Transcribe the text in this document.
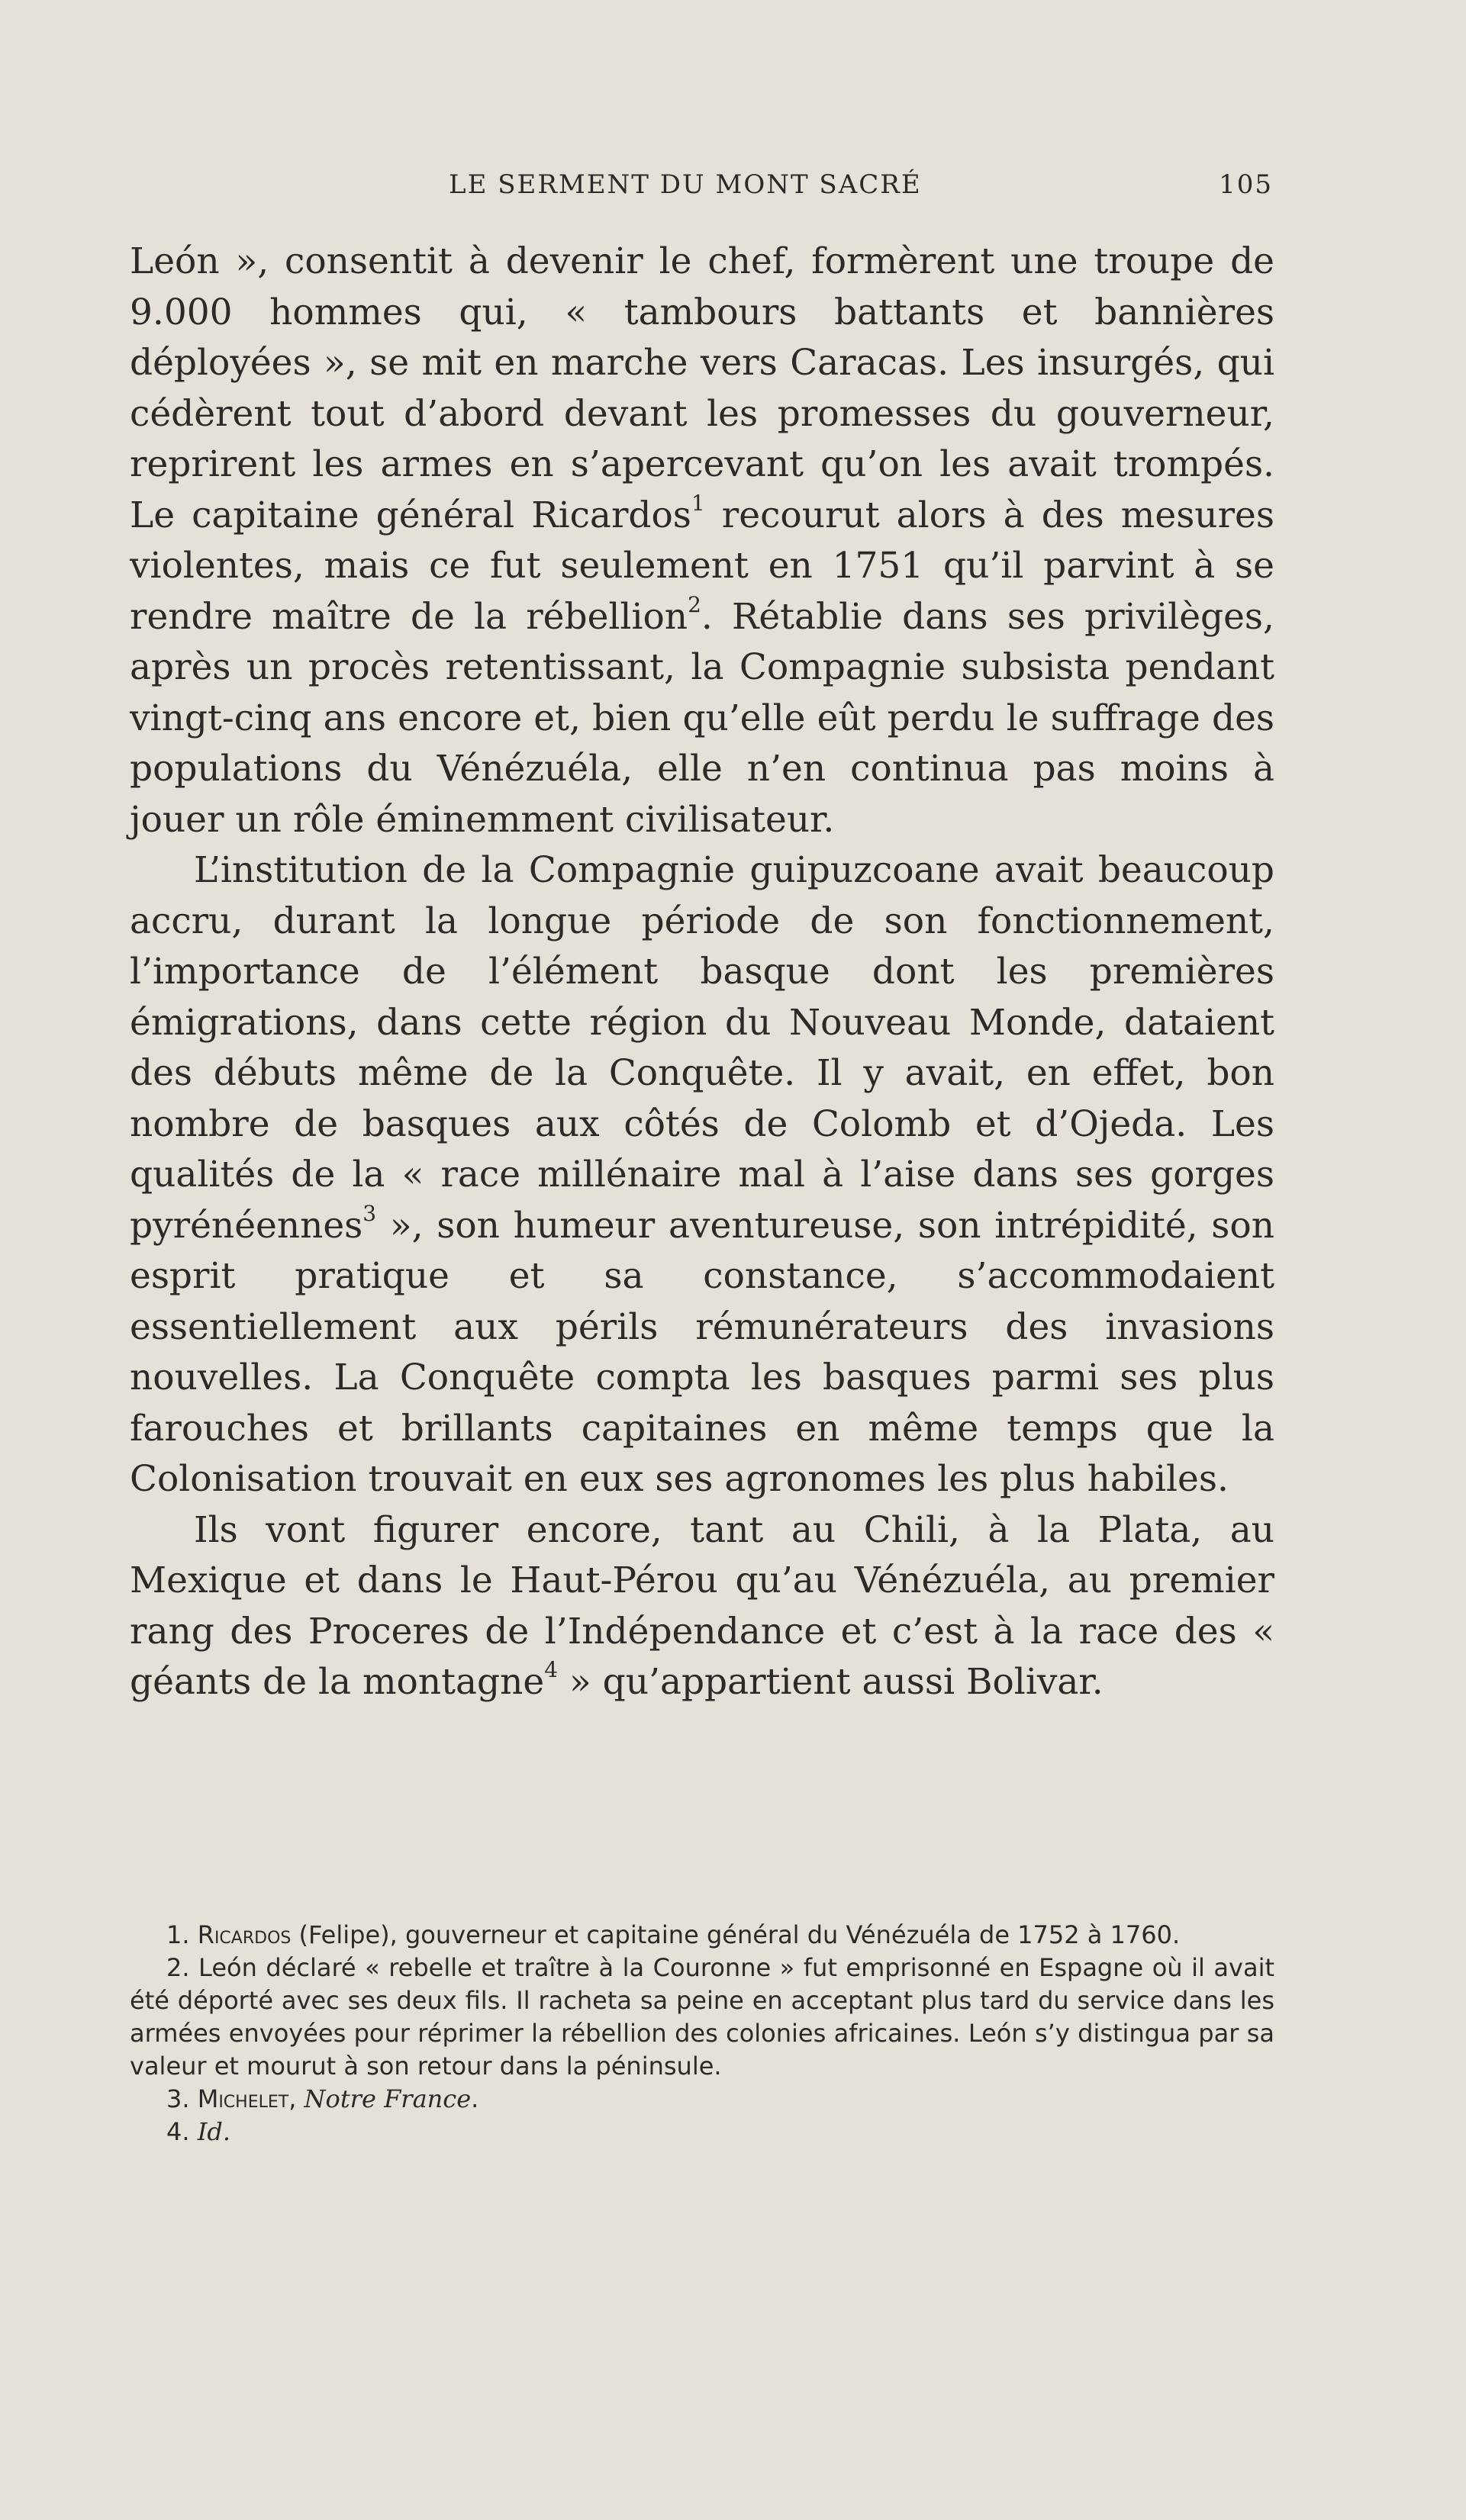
LE SERMENT DU MONT SACRÉ	105

León », consentit à devenir le chef, formèrent une troupe de 9.000 hommes qui, « tambours battants et bannières déployées », se mit en marche vers Caracas. Les insurgés, qui cédèrent tout d’abord devant les promesses du gouverneur, reprirent les armes en s’apercevant qu’on les avait trompés. Le capitaine général Ricardos$^1$ recourut alors à des mesures violentes, mais ce fut seulement en 1751 qu’il parvint à se rendre maître de la rébellion$^2$. Rétablie dans ses privilèges, après un procès retentissant, la Compagnie subsista pendant vingt-cinq ans encore et, bien qu’elle eût perdu le suffrage des populations du Vénézuéla, elle n’en continua pas moins à jouer un rôle éminemment civilisateur.

L’institution de la Compagnie guipuzcoane avait beaucoup accru, durant la longue période de son fonctionnement, l’importance de l’élément basque dont les premières émigrations, dans cette région du Nouveau Monde, dataient des débuts même de la Conquête. Il y avait, en effet, bon nombre de basques aux côtés de Colomb et d’Ojeda. Les qualités de la « race millénaire mal à l’aise dans ses gorges pyrénéennes$^3$ », son humeur aventureuse, son intrépidité, son esprit pratique et sa constance, s’accommodaient essentiellement aux périls rémunérateurs des invasions nouvelles. La Conquête compta les basques parmi ses plus farouches et brillants capitaines en même temps que la Colonisation trouvait en eux ses agronomes les plus habiles.

Ils vont figurer encore, tant au Chili, à la Plata, au Mexique et dans le Haut-Pérou qu’au Vénézuéla, au premier rang des Proceres de l’Indépendance et c’est à la race des « géants de la montagne$^4$ » qu’appartient aussi Bolivar.

1. Ricardos (Felipe), gouverneur et capitaine général du Vénézuéla de 1752 à 1760.

2. León déclaré « rebelle et traître à la Couronne » fut emprisonné en Espagne où il avait été déporté avec ses deux fils. Il racheta sa peine en acceptant plus tard du service dans les armées envoyées pour réprimer la rébellion des colonies africaines. León s’y distingua par sa valeur et mourut à son retour dans la péninsule.

3. Michelet, Notre France.

4. Id.
